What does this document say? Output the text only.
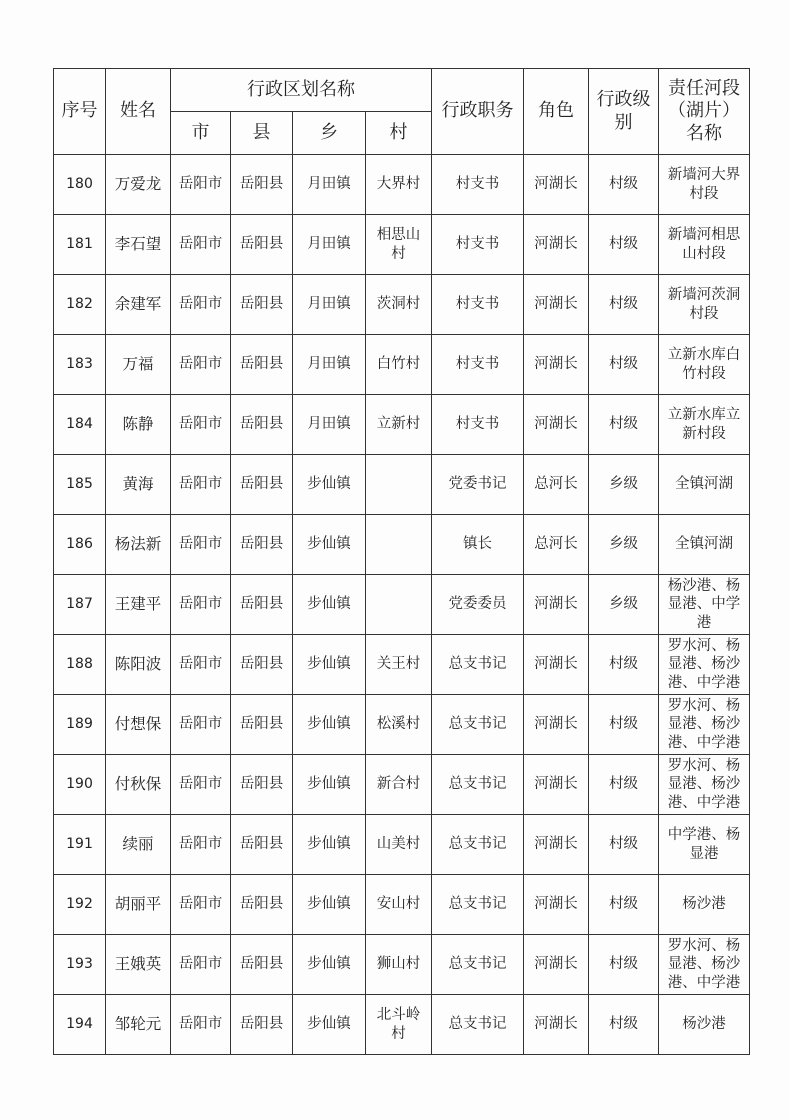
序号	姓名	行政区划名称				行政职务	角色	行政级
别	责任河段
（湖片）
名称

		市	县	乡	村				
180	万爱龙	岳阳市	岳阳县	月田镇	大界村	村支书	河湖长	村级	新墙河大界
村段

181	李石望	岳阳市	岳阳县	月田镇	相思山
村	村支书	河湖长	村级	新墙河相思
山村段

182	余建军	岳阳市	岳阳县	月田镇	茨洞村	村支书	河湖长	村级	新墙河茨洞
村段

183	万福	岳阳市	岳阳县	月田镇	白竹村	村支书	河湖长	村级	立新水库白
竹村段

184	陈静	岳阳市	岳阳县	月田镇	立新村	村支书	河湖长	村级	立新水库立
新村段

185	黄海	岳阳市	岳阳县	步仙镇		党委书记	总河长	乡级	全镇河湖

186	杨法新	岳阳市	岳阳县	步仙镇		镇长	总河长	乡级	全镇河湖

187	王建平	岳阳市	岳阳县	步仙镇		党委委员	河湖长	乡级	杨沙港、杨
显港、中学
港

188	陈阳波	岳阳市	岳阳县	步仙镇	关王村	总支书记	河湖长	村级	罗水河、杨
显港、杨沙
港、中学港

189	付想保	岳阳市	岳阳县	步仙镇	松溪村	总支书记	河湖长	村级	罗水河、杨
显港、杨沙
港、中学港

190	付秋保	岳阳市	岳阳县	步仙镇	新合村	总支书记	河湖长	村级	罗水河、杨
显港、杨沙
港、中学港

191	续丽	岳阳市	岳阳县	步仙镇	山美村	总支书记	河湖长	村级	中学港、杨
显港

192	胡丽平	岳阳市	岳阳县	步仙镇	安山村	总支书记	河湖长	村级	杨沙港

193	王娥英	岳阳市	岳阳县	步仙镇	狮山村	总支书记	河湖长	村级	罗水河、杨
显港、杨沙
港、中学港

194	邹轮元	岳阳市	岳阳县	步仙镇	北斗岭
村	总支书记	河湖长	村级	杨沙港
